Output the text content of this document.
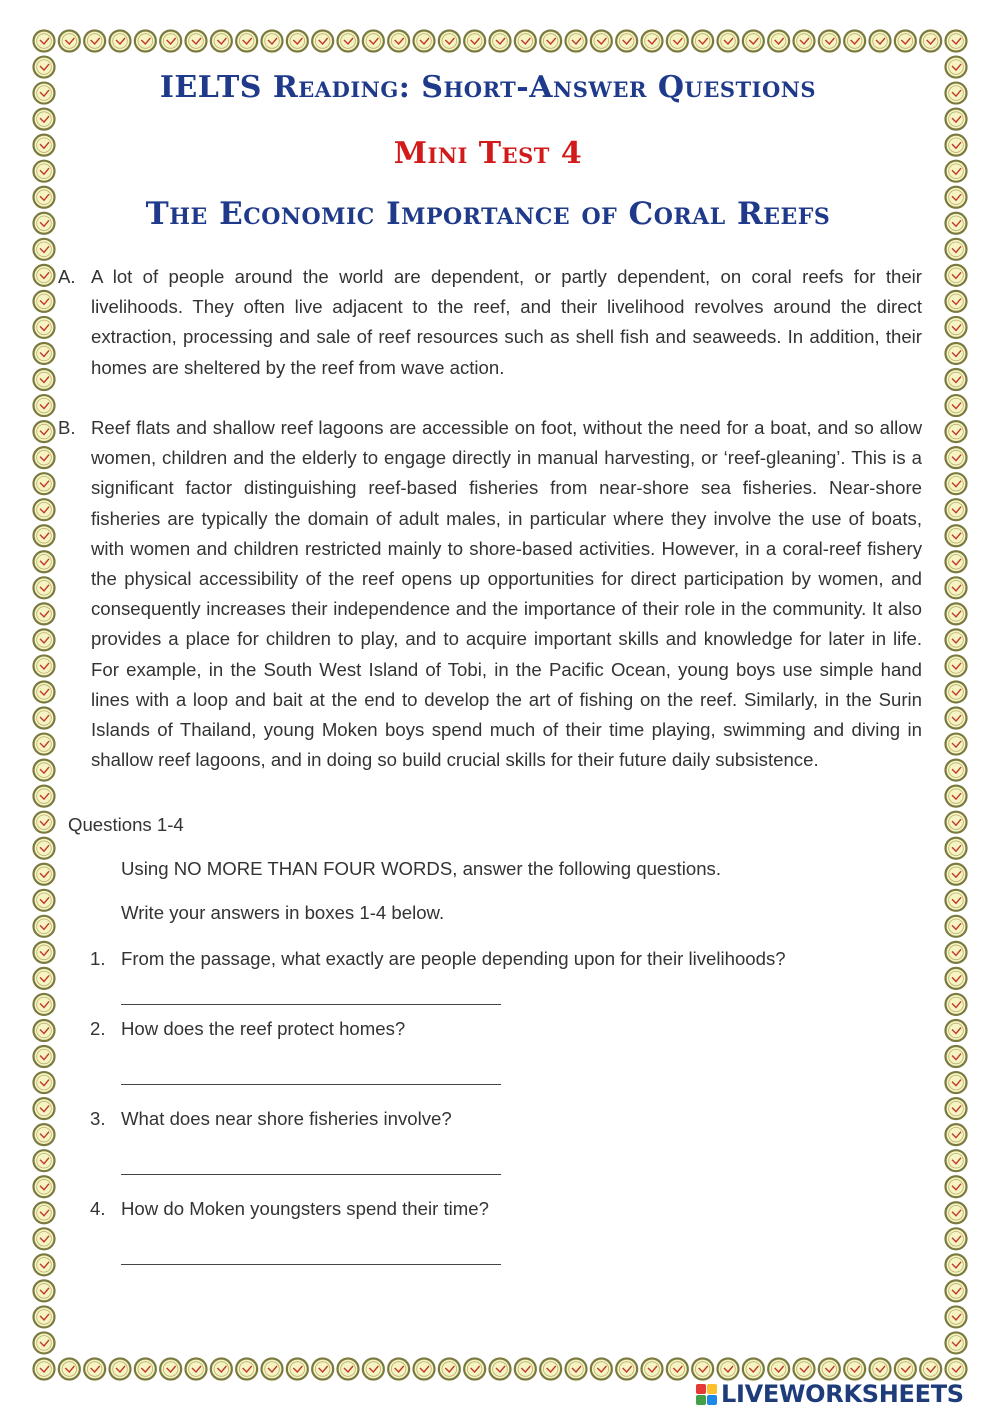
IELTS Reading: Short-Answer Questions
Mini Test 4
The Economic Importance of Coral Reefs
A. A lot of people around the world are dependent, or partly dependent, on coral reefs for their livelihoods. They often live adjacent to the reef, and their livelihood revolves around the direct extraction, processing and sale of reef resources such as shell fish and seaweeds. In addition, their homes are sheltered by the reef from wave action.
B. Reef flats and shallow reef lagoons are accessible on foot, without the need for a boat, and so allow women, children and the elderly to engage directly in manual harvesting, or ‘reef-gleaning’. This is a significant factor distinguishing reef-based fisheries from near-shore sea fisheries. Near-shore fisheries are typically the domain of adult males, in particular where they involve the use of boats, with women and children restricted mainly to shore-based activities. However, in a coral-reef fishery the physical accessibility of the reef opens up opportunities for direct participation by women, and consequently increases their independence and the importance of their role in the community. It also provides a place for children to play, and to acquire important skills and knowledge for later in life. For example, in the South West Island of Tobi, in the Pacific Ocean, young boys use simple hand lines with a loop and bait at the end to develop the art of fishing on the reef. Similarly, in the Surin Islands of Thailand, young Moken boys spend much of their time playing, swimming and diving in shallow reef lagoons, and in doing so build crucial skills for their future daily subsistence.
Questions 1-4
Using NO MORE THAN FOUR WORDS, answer the following questions.
Write your answers in boxes 1-4 below.
1. From the passage, what exactly are people depending upon for their livelihoods?
2. How does the reef protect homes?
3. What does near shore fisheries involve?
4. How do Moken youngsters spend their time?
LIVEWORKSHEETS
